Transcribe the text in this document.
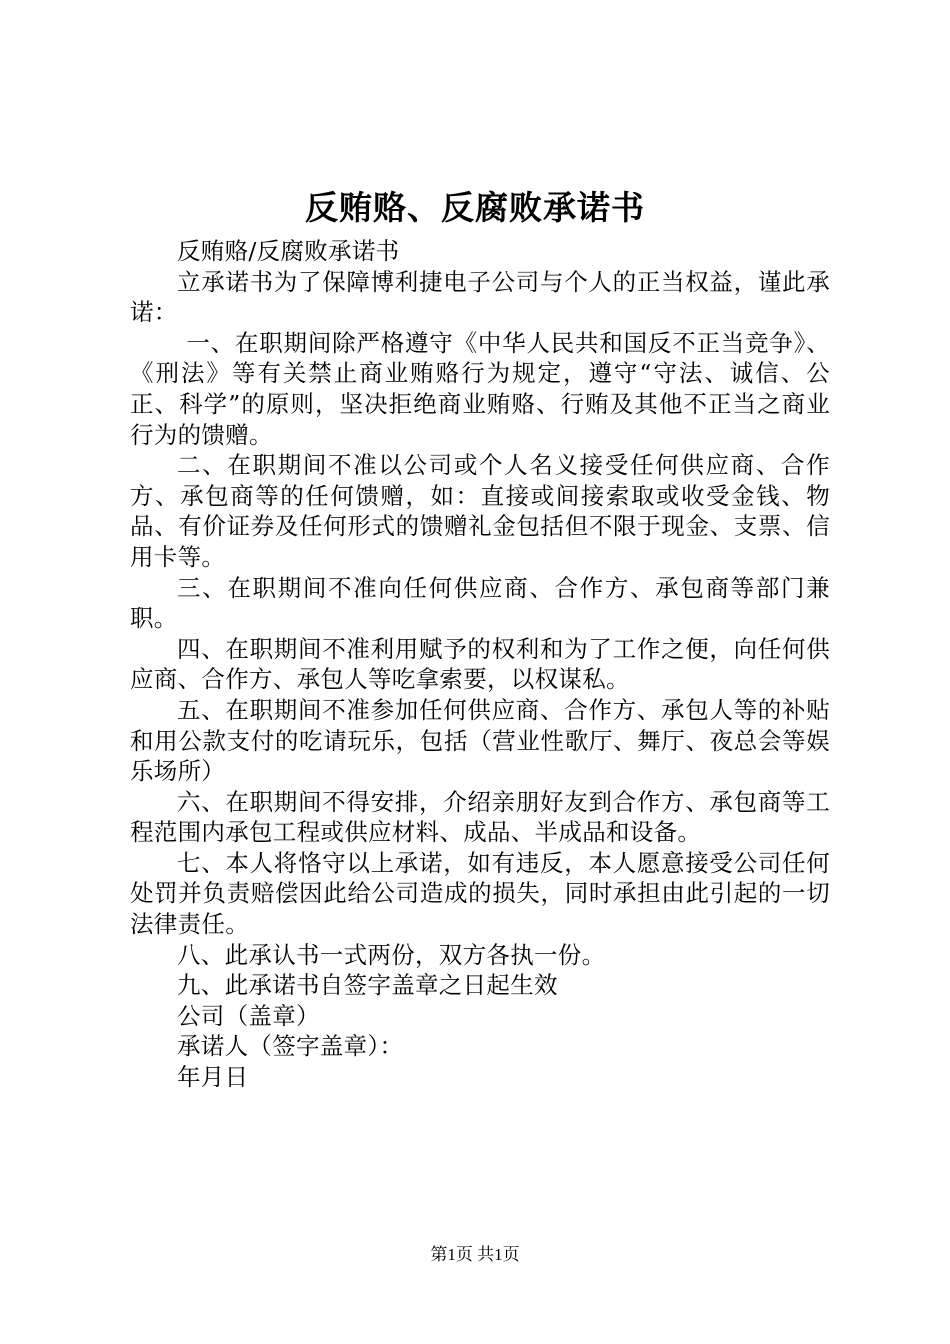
反贿赂、反腐败承诺书

反贿赂/反腐败承诺书

立承诺书为了保障博利捷电子公司与个人的正当权益，谨此承诺：

一、在职期间除严格遵守《中华人民共和国反不正当竞争》、《刑法》等有关禁止商业贿赂行为规定，遵守“守法、诚信、公正、科学”的原则，坚决拒绝商业贿赂、行贿及其他不正当之商业行为的馈赠。

二、在职期间不准以公司或个人名义接受任何供应商、合作方、承包商等的任何馈赠，如：直接或间接索取或收受金钱、物品、有价证券及任何形式的馈赠礼金包括但不限于现金、支票、信用卡等。

三、在职期间不准向任何供应商、合作方、承包商等部门兼职。

四、在职期间不准利用赋予的权利和为了工作之便，向任何供应商、合作方、承包人等吃拿索要，以权谋私。

五、在职期间不准参加任何供应商、合作方、承包人等的补贴和用公款支付的吃请玩乐，包括（营业性歌厅、舞厅、夜总会等娱乐场所）

六、在职期间不得安排，介绍亲朋好友到合作方、承包商等工程范围内承包工程或供应材料、成品、半成品和设备。

七、本人将恪守以上承诺，如有违反，本人愿意接受公司任何处罚并负责赔偿因此给公司造成的损失，同时承担由此引起的一切法律责任。

八、此承认书一式两份，双方各执一份。

九、此承诺书自签字盖章之日起生效

公司（盖章）

承诺人（签字盖章）：

年月日

第1页 共1页
